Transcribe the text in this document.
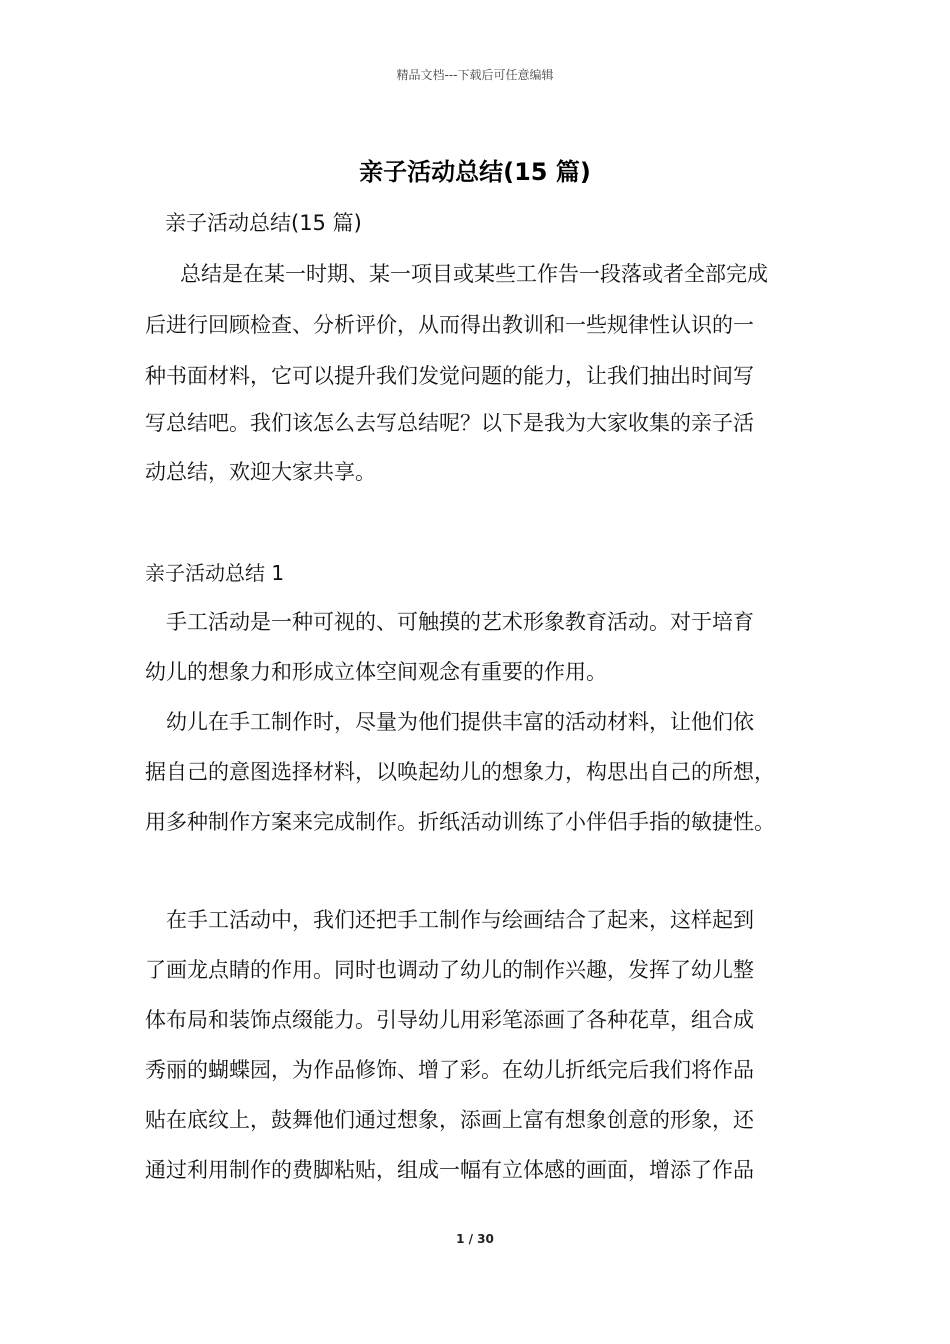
精品文档---下载后可任意编辑
亲子活动总结(15 篇)
亲子活动总结(15 篇)
总结是在某一时期、某一项目或某些工作告一段落或者全部完成
后进行回顾检查、分析评价，从而得出教训和一些规律性认识的一
种书面材料，它可以提升我们发觉问题的能力，让我们抽出时间写
写总结吧。我们该怎么去写总结呢？以下是我为大家收集的亲子活
动总结，欢迎大家共享。
亲子活动总结 1
手工活动是一种可视的、可触摸的艺术形象教育活动。对于培育
幼儿的想象力和形成立体空间观念有重要的作用。
幼儿在手工制作时，尽量为他们提供丰富的活动材料，让他们依
据自己的意图选择材料，以唤起幼儿的想象力，构思出自己的所想，
用多种制作方案来完成制作。折纸活动训练了小伴侣手指的敏捷性。
在手工活动中，我们还把手工制作与绘画结合了起来，这样起到
了画龙点睛的作用。同时也调动了幼儿的制作兴趣，发挥了幼儿整
体布局和装饰点缀能力。引导幼儿用彩笔添画了各种花草，组合成
秀丽的蝴蝶园，为作品修饰、增了彩。在幼儿折纸完后我们将作品
贴在底纹上，鼓舞他们通过想象，添画上富有想象创意的形象，还
通过利用制作的费脚粘贴，组成一幅有立体感的画面，增添了作品
1 / 30
